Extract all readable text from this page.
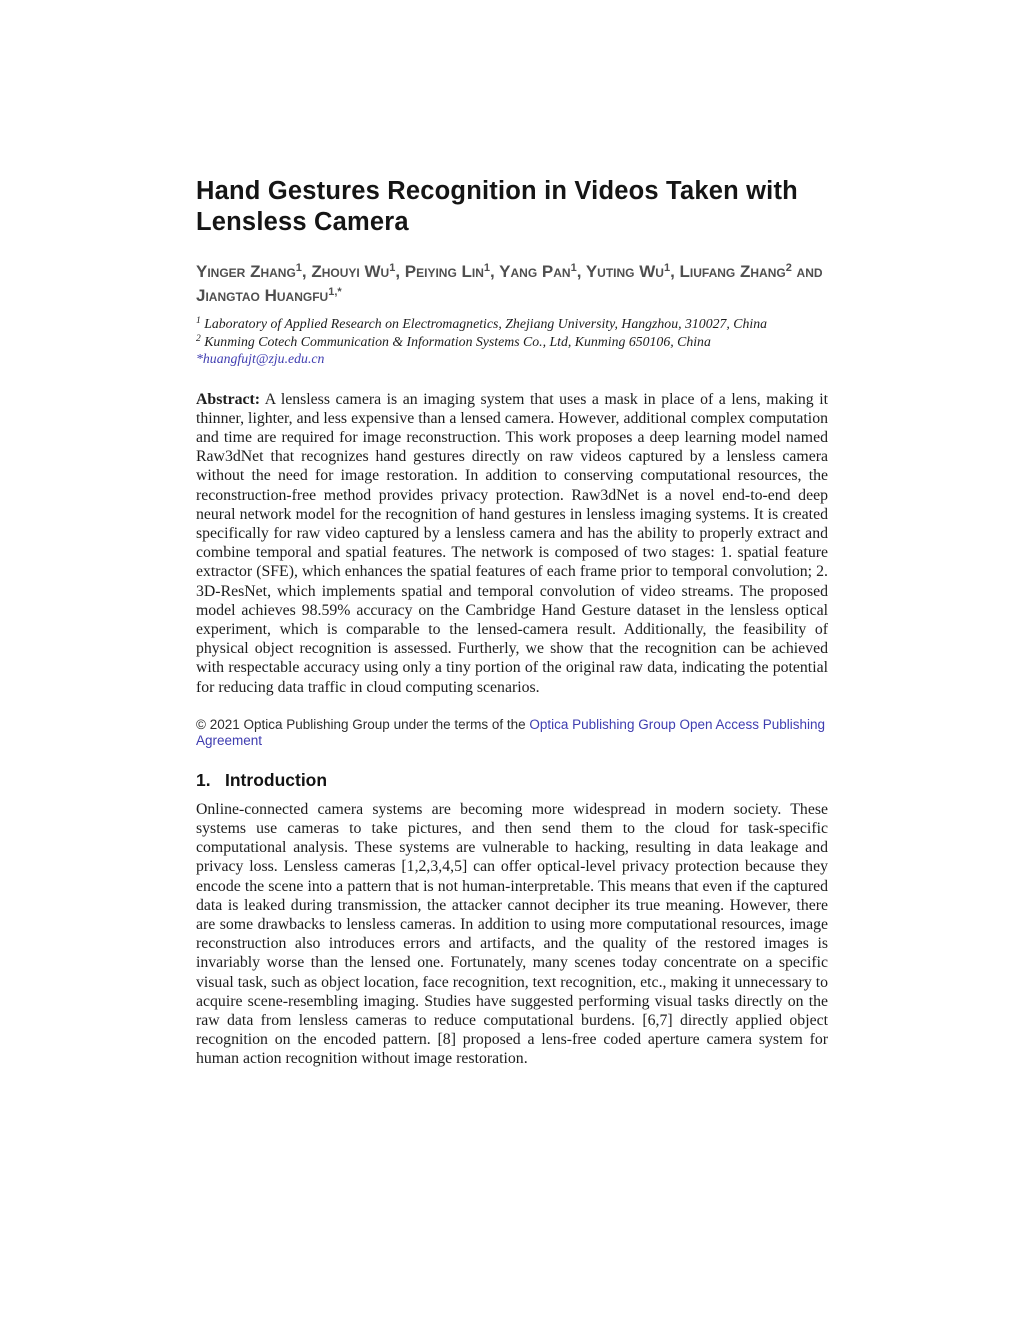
Hand Gestures Recognition in Videos Taken with Lensless Camera

Yinger Zhang$^1$, Zhouyi Wu$^1$, Peiying Lin$^1$, Yang Pan$^1$, Yuting Wu$^1$, Liufang Zhang$^2$ and Jiangtao Huangfu$^{1,*}$

$^1$ Laboratory of Applied Research on Electromagnetics, Zhejiang University, Hangzhou, 310027, China

$^2$ Kunming Cotech Communication & Information Systems Co., Ltd, Kunming 650106, China

*huangfujt@zju.edu.cn

Abstract: A lensless camera is an imaging system that uses a mask in place of a lens, making it thinner, lighter, and less expensive than a lensed camera. However, additional complex computation and time are required for image reconstruction. This work proposes a deep learning model named Raw3dNet that recognizes hand gestures directly on raw videos captured by a lensless camera without the need for image restoration. In addition to conserving computational resources, the reconstruction-free method provides privacy protection. Raw3dNet is a novel end-to-end deep neural network model for the recognition of hand gestures in lensless imaging systems. It is created specifically for raw video captured by a lensless camera and has the ability to properly extract and combine temporal and spatial features. The network is composed of two stages: 1. spatial feature extractor (SFE), which enhances the spatial features of each frame prior to temporal convolution; 2. 3D-ResNet, which implements spatial and temporal convolution of video streams. The proposed model achieves 98.59% accuracy on the Cambridge Hand Gesture dataset in the lensless optical experiment, which is comparable to the lensed-camera result. Additionally, the feasibility of physical object recognition is assessed. Furtherly, we show that the recognition can be achieved with respectable accuracy using only a tiny portion of the original raw data, indicating the potential for reducing data traffic in cloud computing scenarios.

© 2021 Optica Publishing Group under the terms of the Optica Publishing Group Open Access Publishing Agreement

1. Introduction

Online-connected camera systems are becoming more widespread in modern society. These systems use cameras to take pictures, and then send them to the cloud for task-specific computational analysis. These systems are vulnerable to hacking, resulting in data leakage and privacy loss. Lensless cameras [1,2,3,4,5] can offer optical-level privacy protection because they encode the scene into a pattern that is not human-interpretable. This means that even if the captured data is leaked during transmission, the attacker cannot decipher its true meaning. However, there are some drawbacks to lensless cameras. In addition to using more computational resources, image reconstruction also introduces errors and artifacts, and the quality of the restored images is invariably worse than the lensed one. Fortunately, many scenes today concentrate on a specific visual task, such as object location, face recognition, text recognition, etc., making it unnecessary to acquire scene-resembling imaging. Studies have suggested performing visual tasks directly on the raw data from lensless cameras to reduce computational burdens. [6,7] directly applied object recognition on the encoded pattern. [8] proposed a lens-free coded aperture camera system for human action recognition without image restoration.
